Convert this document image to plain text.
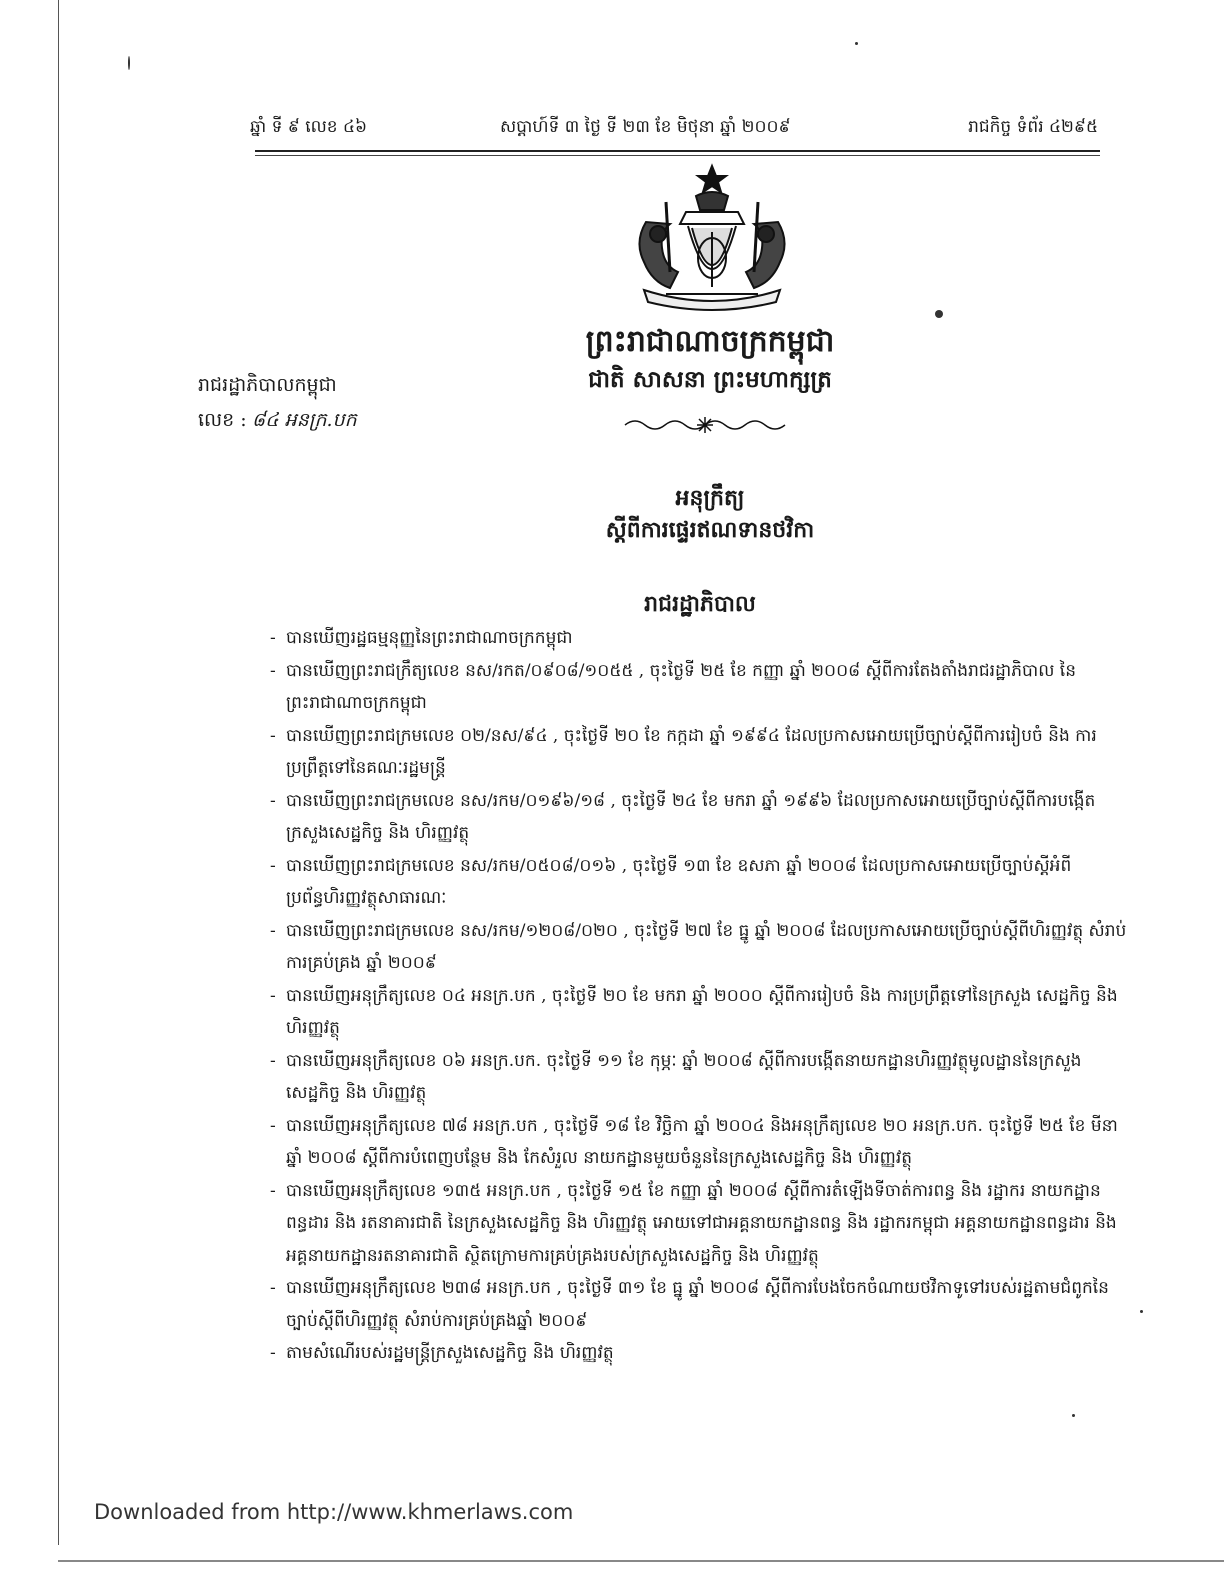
ឆ្នាំ ទី ៩ លេខ ៤៦	សប្តាហ៍ទី ៣ ថ្ងៃ ទី ២៣ ខែ មិថុនា ឆ្នាំ ២០០៩	រាជកិច្ច ទំព័រ ៤២៩៥
ព្រះរាជាណាចក្រកម្ពុជា
ជាតិ សាសនា ព្រះមហាក្សត្រ
រាជរដ្ឋាភិបាលកម្ពុជា
លេខ : ៨៤ អនក្រ.បក
អនុក្រឹត្យ
ស្តីពីការផ្ទេរឥណទានថវិកា
រាជរដ្ឋាភិបាល
- បានឃើញរដ្ឋធម្មនុញ្ញនៃព្រះរាជាណាចក្រកម្ពុជា
- បានឃើញព្រះរាជក្រឹត្យលេខ នស/រកត/០៩០៨/១០៥៥ , ចុះថ្ងៃទី ២៥ ខែ កញ្ញា ឆ្នាំ ២០០៨ ស្តីពីការតែងតាំងរាជរដ្ឋាភិបាល នៃព្រះរាជាណាចក្រកម្ពុជា
- បានឃើញព្រះរាជក្រមលេខ ០២/នស/៩៤ , ចុះថ្ងៃទី ២០ ខែ កក្កដា ឆ្នាំ ១៩៩៤ ដែលប្រកាសអោយប្រើច្បាប់ស្តីពីការរៀបចំ និង ការប្រព្រឹត្តទៅនៃគណៈរដ្ឋមន្ត្រី
- បានឃើញព្រះរាជក្រមលេខ នស/រកម/០១៩៦/១៨ , ចុះថ្ងៃទី ២៤ ខែ មករា ឆ្នាំ ១៩៩៦ ដែលប្រកាសអោយប្រើច្បាប់ស្តីពីការបង្កើតក្រសួងសេដ្ឋកិច្ច និង ហិរញ្ញវត្ថុ
- បានឃើញព្រះរាជក្រមលេខ នស/រកម/០៥០៨/០១៦ , ចុះថ្ងៃទី ១៣ ខែ ឧសភា ឆ្នាំ ២០០៨ ដែលប្រកាសអោយប្រើច្បាប់ស្តីអំពីប្រព័ន្ធហិរញ្ញវត្ថុសាធារណៈ
- បានឃើញព្រះរាជក្រមលេខ នស/រកម/១២០៨/០២០ , ចុះថ្ងៃទី ២៧ ខែ ធ្នូ ឆ្នាំ ២០០៨ ដែលប្រកាសអោយប្រើច្បាប់ស្តីពីហិរញ្ញវត្ថុ សំរាប់ការគ្រប់គ្រង ឆ្នាំ ២០០៩
- បានឃើញអនុក្រឹត្យលេខ ០៤ អនក្រ.បក , ចុះថ្ងៃទី ២០ ខែ មករា ឆ្នាំ ២០០០ ស្តីពីការរៀបចំ និង ការប្រព្រឹត្តទៅនៃក្រសួង សេដ្ឋកិច្ច និង ហិរញ្ញវត្ថុ
- បានឃើញអនុក្រឹត្យលេខ ០៦ អនក្រ.បក. ចុះថ្ងៃទី ១១ ខែ កុម្ភៈ ឆ្នាំ ២០០៨ ស្តីពីការបង្កើតនាយកដ្ឋានហិរញ្ញវត្ថុមូលដ្ឋាននៃក្រសួងសេដ្ឋកិច្ច និង ហិរញ្ញវត្ថុ
- បានឃើញអនុក្រឹត្យលេខ ៧៨ អនក្រ.បក , ចុះថ្ងៃទី ១៨ ខែ វិច្ឆិកា ឆ្នាំ ២០០៤ និងអនុក្រឹត្យលេខ ២០ អនក្រ.បក. ចុះថ្ងៃទី ២៥ ខែ មីនា ឆ្នាំ ២០០៨ ស្តីពីការបំពេញបន្ថែម និង កែសំរួល នាយកដ្ឋានមួយចំនួននៃក្រសួងសេដ្ឋកិច្ច និង ហិរញ្ញវត្ថុ
- បានឃើញអនុក្រឹត្យលេខ ១៣៥ អនក្រ.បក , ចុះថ្ងៃទី ១៥ ខែ កញ្ញា ឆ្នាំ ២០០៨ ស្តីពីការតំឡើងទីចាត់ការពន្ធ និង រដ្ឋាករ នាយកដ្ឋានពន្ធដារ និង រតនាគារជាតិ នៃក្រសួងសេដ្ឋកិច្ច និង ហិរញ្ញវត្ថុ អោយទៅជាអគ្គនាយកដ្ឋានពន្ធ និង រដ្ឋាករកម្ពុជា អគ្គនាយកដ្ឋានពន្ធដារ និង អគ្គនាយកដ្ឋានរតនាគារជាតិ ស្ថិតក្រោមការគ្រប់គ្រងរបស់ក្រសួងសេដ្ឋកិច្ច និង ហិរញ្ញវត្ថុ
- បានឃើញអនុក្រឹត្យលេខ ២៣៨ អនក្រ.បក , ចុះថ្ងៃទី ៣១ ខែ ធ្នូ ឆ្នាំ ២០០៨ ស្តីពីការបែងចែកចំណាយថវិកាទូទៅរបស់រដ្ឋតាមជំពូកនៃច្បាប់ស្តីពីហិរញ្ញវត្ថុ សំរាប់ការគ្រប់គ្រងឆ្នាំ ២០០៩
- តាមសំណើរបស់រដ្ឋមន្ត្រីក្រសួងសេដ្ឋកិច្ច និង ហិរញ្ញវត្ថុ
Downloaded from http://www.khmerlaws.com
